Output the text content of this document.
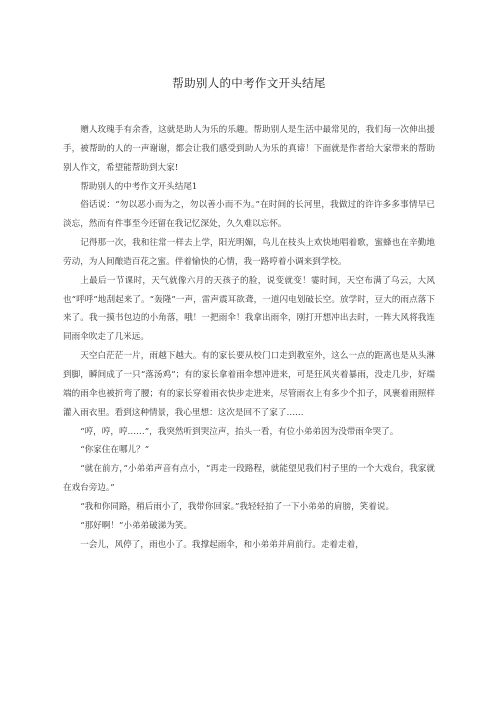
帮助别人的中考作文开头结尾

赠人玫瑰手有余香，这就是助人为乐的乐趣。帮助别人是生活中最常见的，我们每一次伸出援手，被帮助的人的一声谢谢，都会让我们感受到助人为乐的真谛！下面就是作者给大家带来的帮助别人作文，希望能帮助到大家!

帮助别人的中考作文开头结尾1

俗话说：“勿以恶小而为之，勿以善小而不为。”在时间的长河里，我做过的许许多多事情早已淡忘，然而有件事至今还留在我记忆深处，久久难以忘怀。

记得那一次，我和往常一样去上学，阳光明媚，鸟儿在枝头上欢快地唱着歌，蜜蜂也在辛勤地劳动，为人间酿造百花之蜜。伴着愉快的心情，我一路哼着小调来到学校。

上最后一节课时，天气就像六月的天孩子的脸，说变就变！霎时间，天空布满了乌云，大风也“呼呼”地刮起来了。“轰隆”一声，雷声震耳欲聋，一道闪电划破长空。放学时，豆大的雨点落下来了。我一摸书包边的小角落，哦！一把雨伞！我拿出雨伞，刚打开想冲出去时，一阵大风将我连同雨伞吹走了几米远。

天空白茫茫一片，雨越下越大。有的家长要从校门口走到教室外，这么一点的距离也是从头淋到脚，瞬间成了一只“落汤鸡”；有的家长拿着雨伞想冲进来，可是狂风夹着暴雨，没走几步，好端端的雨伞也被折弯了腰；有的家长穿着雨衣快步走进来，尽管雨衣上有多少个扣子，风裹着雨照样灌入雨衣里。看到这种情景，我心里想：这次是回不了家了……

“哼，哼，哼……”，我突然听到哭泣声，抬头一看，有位小弟弟因为没带雨伞哭了。

“你家住在哪儿？”

“就在前方，”小弟弟声音有点小，“再走一段路程，就能望见我们村子里的一个大戏台，我家就在戏台旁边。”

“我和你同路，稍后雨小了，我带你回家。”我轻轻拍了一下小弟弟的肩膀，笑着说。

“那好啊！”小弟弟破涕为笑。

一会儿，风停了，雨也小了。我撑起雨伞，和小弟弟并肩前行。走着走着，
